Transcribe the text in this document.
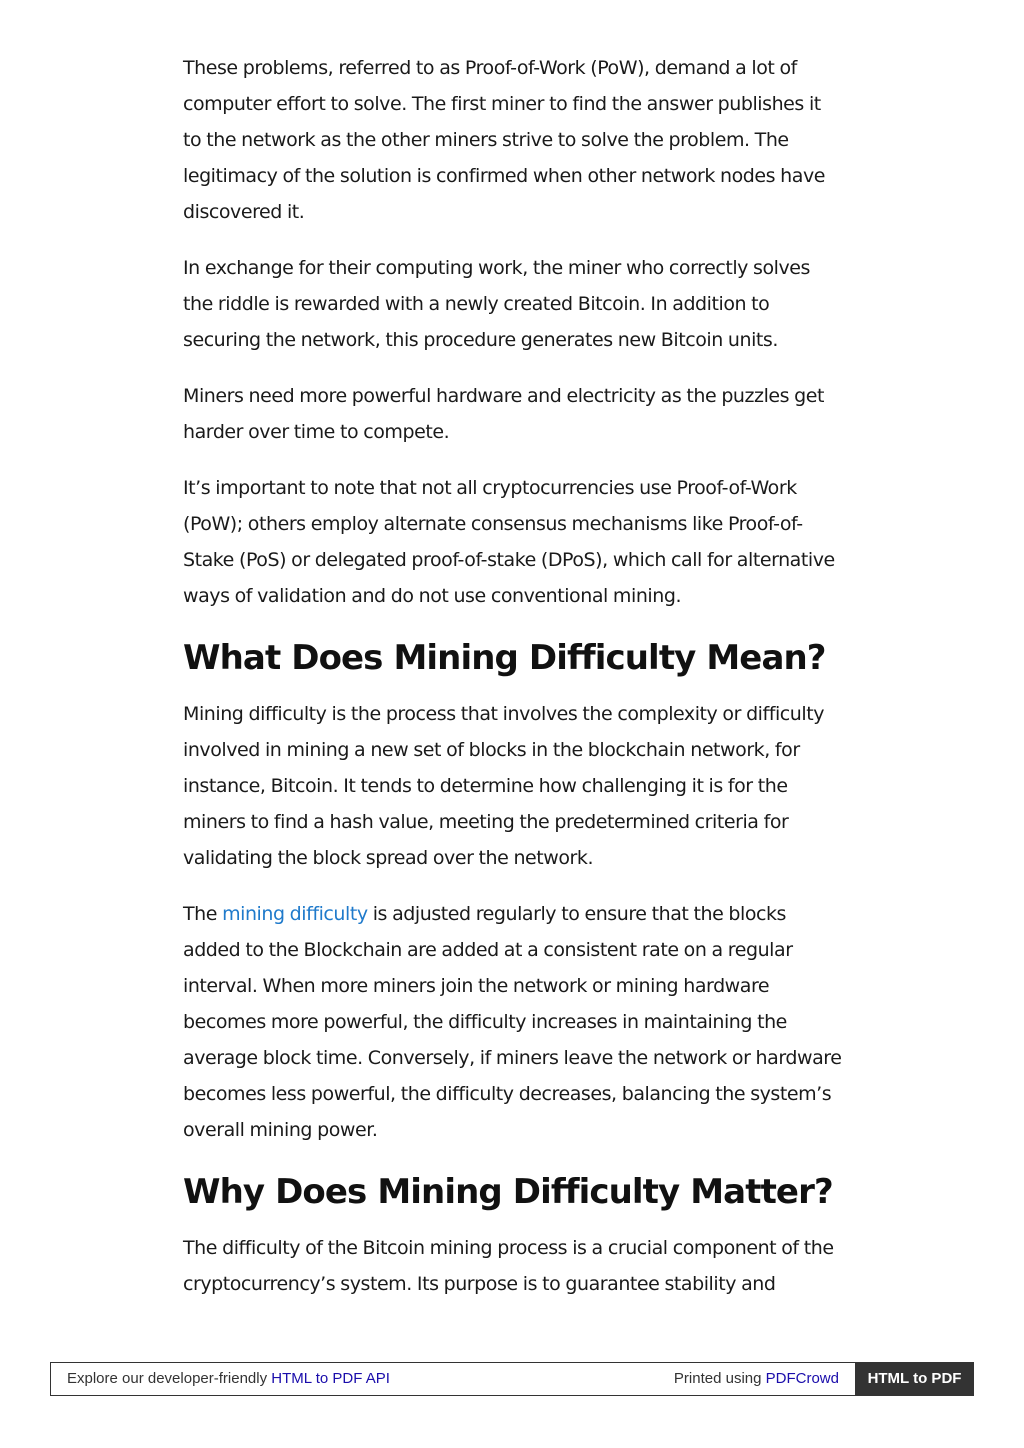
These problems, referred to as Proof-of-Work (PoW), demand a lot of computer effort to solve. The first miner to find the answer publishes it to the network as the other miners strive to solve the problem. The legitimacy of the solution is confirmed when other network nodes have discovered it.

In exchange for their computing work, the miner who correctly solves the riddle is rewarded with a newly created Bitcoin. In addition to securing the network, this procedure generates new Bitcoin units.

Miners need more powerful hardware and electricity as the puzzles get harder over time to compete.

It’s important to note that not all cryptocurrencies use Proof-of-Work (PoW); others employ alternate consensus mechanisms like Proof-of-Stake (PoS) or delegated proof-of-stake (DPoS), which call for alternative ways of validation and do not use conventional mining.

What Does Mining Difficulty Mean?

Mining difficulty is the process that involves the complexity or difficulty involved in mining a new set of blocks in the blockchain network, for instance, Bitcoin. It tends to determine how challenging it is for the miners to find a hash value, meeting the predetermined criteria for validating the block spread over the network.

The mining difficulty is adjusted regularly to ensure that the blocks added to the Blockchain are added at a consistent rate on a regular interval. When more miners join the network or mining hardware becomes more powerful, the difficulty increases in maintaining the average block time. Conversely, if miners leave the network or hardware becomes less powerful, the difficulty decreases, balancing the system’s overall mining power.

Why Does Mining Difficulty Matter?

The difficulty of the Bitcoin mining process is a crucial component of the cryptocurrency’s system. Its purpose is to guarantee stability and

Explore our developer-friendly HTML to PDF API	Printed using PDFCrowd	HTML to PDF
